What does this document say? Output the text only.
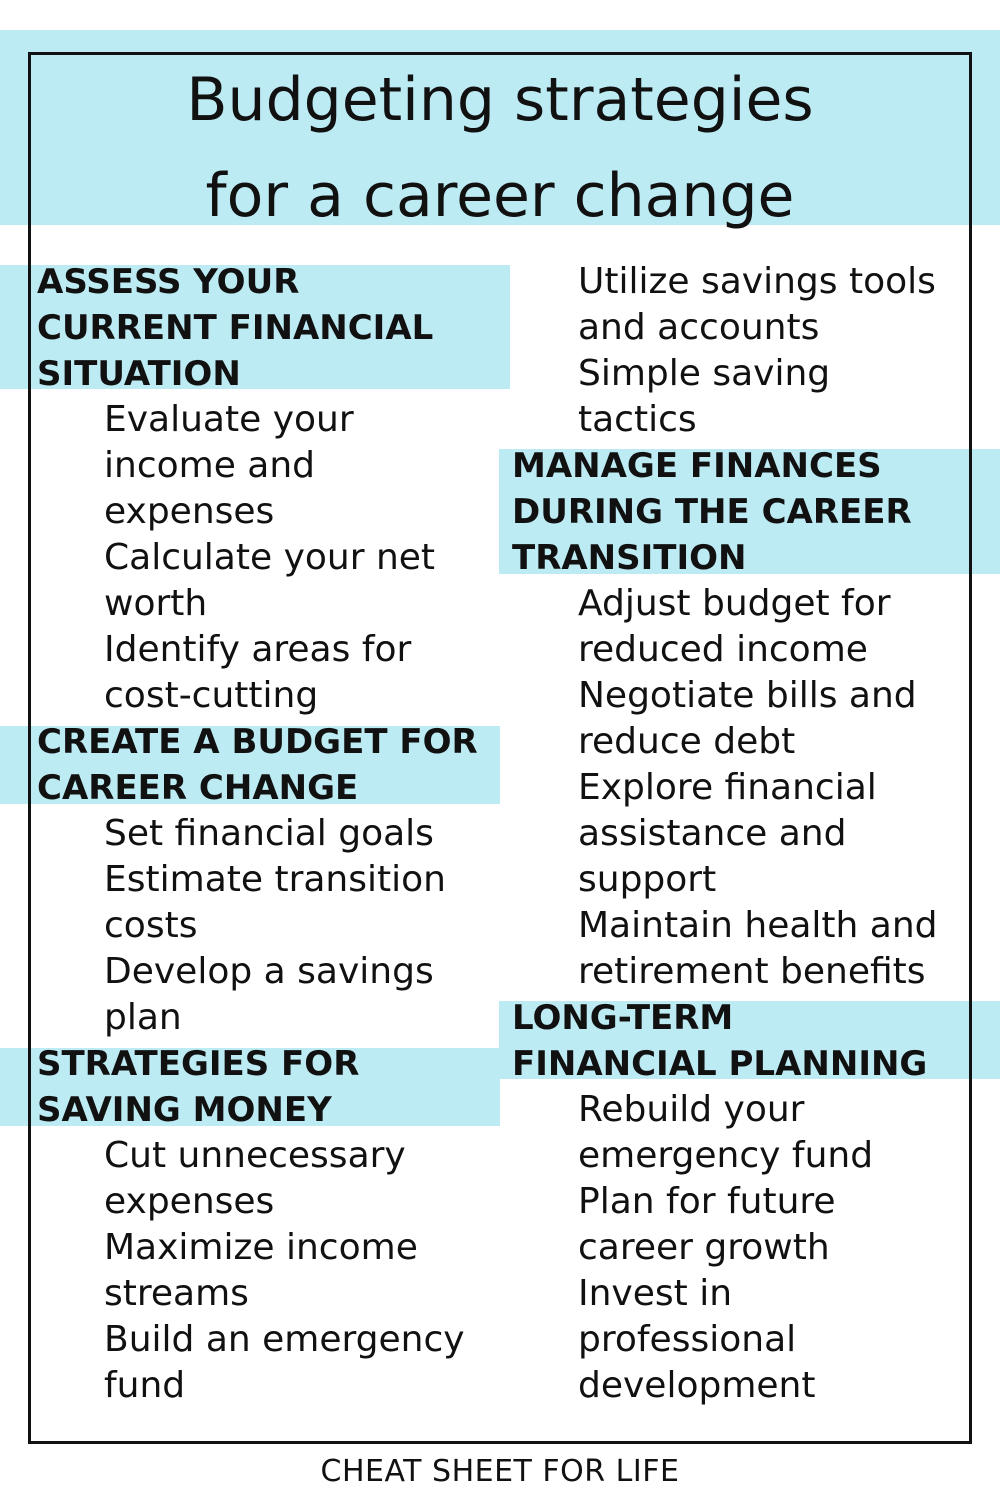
Budgeting strategies
for a career change
ASSESS YOUR
CURRENT FINANCIAL
SITUATION
Evaluate your
income and
expenses
Calculate your net
worth
Identify areas for
cost-cutting
CREATE A BUDGET FOR
CAREER CHANGE
Set financial goals
Estimate transition
costs
Develop a savings
plan
STRATEGIES FOR
SAVING MONEY
Cut unnecessary
expenses
Maximize income
streams
Build an emergency
fund
Utilize savings tools
and accounts
Simple saving
tactics
MANAGE FINANCES
DURING THE CAREER
TRANSITION
Adjust budget for
reduced income
Negotiate bills and
reduce debt
Explore financial
assistance and
support
Maintain health and
retirement benefits
LONG-TERM
FINANCIAL PLANNING
Rebuild your
emergency fund
Plan for future
career growth
Invest in
professional
development
CHEAT SHEET FOR LIFE
